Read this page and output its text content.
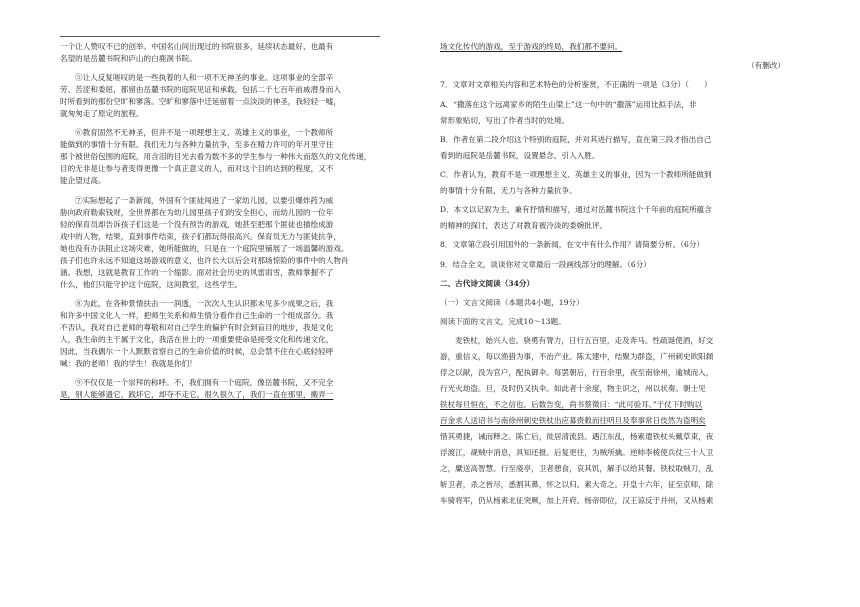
一个让人赞叹不已的创举。中国名山间出现过的书院很多，延续状态最好、也最有
名望的是岳麓书院和庐山的白鹿洞书院。
⑤让人反复嗟叹的是一些执着的人和一项不无神圣的事业。这项事业的全部辛
劳、苦涩和委屈，都留由岳麓书院的庭院见证和承载，包括二千七百年前戚潜身而入
时所看到的那份空旷和寥落。空旷和寥落中迁延留着一点淡淡的神圣，我轻轻一嘘，
就匆匆走了原定的旅程。
⑥教育固然不无神圣，但并不是一项理想主义、英雄主义的事业，一个教师所
能做到的事情十分有限。我们无力与各种力量抗争，至多在精力许可的年月里守住
那个被世俗包围的庭院，用含泪的目光去看为数不多的学生参与一种伟大而悠久的文化传递，
目的无非是让参与者变得更像一个真正意义的人，而对这个目的达到的程度，又不
能企望过高。
⑦实际想起了一条新闻，外国有个匪徒闯进了一家幼儿园，以要引爆炸药为威
胁向政府勒索钱财，全世界都在为幼儿园里孩子们的安全担心，而幼儿园的一位年
轻的保育员却告诉孩子们这是一个没有预告的游戏，她甚至把那个匪徒也描绘成游
戏中的人物，结果，直到事件结束，孩子们都玩得很高兴。保育员无力与匪徒抗争，
她也没有办法阻止这场灾难，她所能做的，只是在一个庭院里铺展了一场温馨的游戏。
孩子们也许永远不知道这场游戏的意义，也许长大以后会对那场惊险的事件中的人物肖
涵。我想，这就是教育工作的一个缩影。面对社会历史的风雷雨雪，教师掌握不了
什么，他们只能守护这个庭院，这间教室，这些学生。
⑧为此，在各种景情扶击一一润透，一次次人生认识都未见多少成果之后，我
和许多中国文化人一样，把师生关系和师生情分看作自己生命的一个组成部分。我
不否认，我对自己老师的尊敬和对自己学生的偏护有时会到盲目的地步，我是文化
人，我生命的主干属于文化，我活在世上的一项重要使命是接受文化和传递文化，
因此，当我偶尔一个人默默省察自己的生命价值的时候，总会禁不住在心底轻轻呼
喊：我的老师！我的学生！我就是你们！
⑨不仅仅是一个崇拜的称呼。不，我们拥有一个庭院，像岳麓书院，又不完全
是，别人能够遗它，践坏它，却夺不走它。很久很久了，我们一直在那里，搬弄一
场文化传代的游戏，至于游戏的终局，我们都不要问。
（有删改）
7．文章对文章相关内容和艺术特色的分析鉴赏，不正确的一项是（3分）（　　）
A．“撒落在这个远离家乡的陌生山梁上”这一句中的“撒落”运用比拟手法，非
常形象贴切，写出了作者当时的处境。
B．作者在第二段介绍这个特别的庭院，并对其进行描写，直在第三段才指出自己
看到的庭院是岳麓书院，设置悬念，引人入胜。
C．作者认为，教育不是一项理想主义、英雄主义的事业，因为一个教师所能做到
的事情十分有限，无力与各种力量抗争。
D．本文以记叙为主，兼有抒情和描写，通过对岳麓书院这个千年前的庭院所蕴含
的精神的探讨，表达了对教育被冷淡的委婉批评。
8．文章第⑦段引用国外的一条新闻，在文中有什么作用？请简要分析。（6分）
9．结合全文，谈谈你对文章最后一段画线部分的理解。（6分）
二、古代诗文阅读（34分）
（一）文言文阅读（本题共4小题，19分）
阅读下面的文言文，完成10～13题。
麦铁杖，始兴人也。骁勇有膂力，日行五百里，走及奔马。性疏诞使酒，好交
游，重信义，每以渔猎为事，不治产业。陈太建中，结聚为群盗，广州刺史欧阳頠
俘之以献，没为官户，配执御伞。每罢朝后，行百余里，夜至南徐州，逾城而入，
行光火劫盗。旦，及时仍又执伞。如此者十余度，物主识之，州以状奏。朝士见
铁杖每旦恒在，不之信也。后数告变，尚书蔡徵曰：“此可验耳。”于仗下时购以
百金求人送诏书与南徐州刺史铁杖出应募赍敕而往明旦及奉事常日伎然为盗明矣
惜其勇捷，诫而释之。陈亡后，徙居清流县。遇江东乱，杨素遣铁杖头戴草束，夜
浮渡江，觇贼中消息，具知还报。后复更往，为贼所擒。逆帅李棱使兵仗三十人卫
之，縻送高智慧。行至庱亭，卫者憩食，哀其饥，解手以给其餐。铁杖取贼刀，乱
斩卫者，杀之皆尽，悉割其鼻，怀之以归。素大奇之。开皇十六年，征至京师，除
车骑将军，仍从杨素北征突厥，加上开府。杨帝即位，汉王谅反于并州，又从杨素
